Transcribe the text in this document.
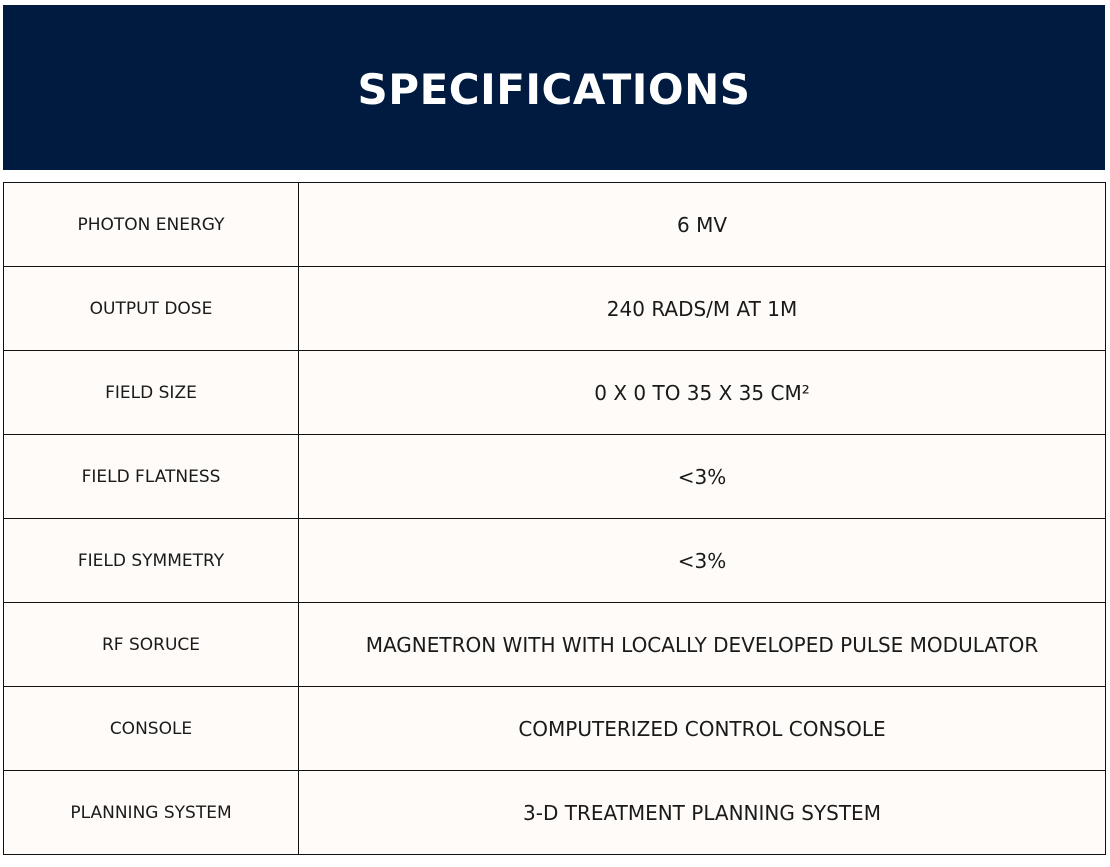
SPECIFICATIONS
PHOTON ENERGY	6 MV
OUTPUT DOSE	240 RADS/M AT 1M
FIELD SIZE	0 X 0 TO 35 X 35 CM²
FIELD FLATNESS	<3%
FIELD SYMMETRY	<3%
RF SORUCE	MAGNETRON WITH WITH LOCALLY DEVELOPED PULSE MODULATOR
CONSOLE	COMPUTERIZED CONTROL CONSOLE
PLANNING SYSTEM	3-D TREATMENT PLANNING SYSTEM
